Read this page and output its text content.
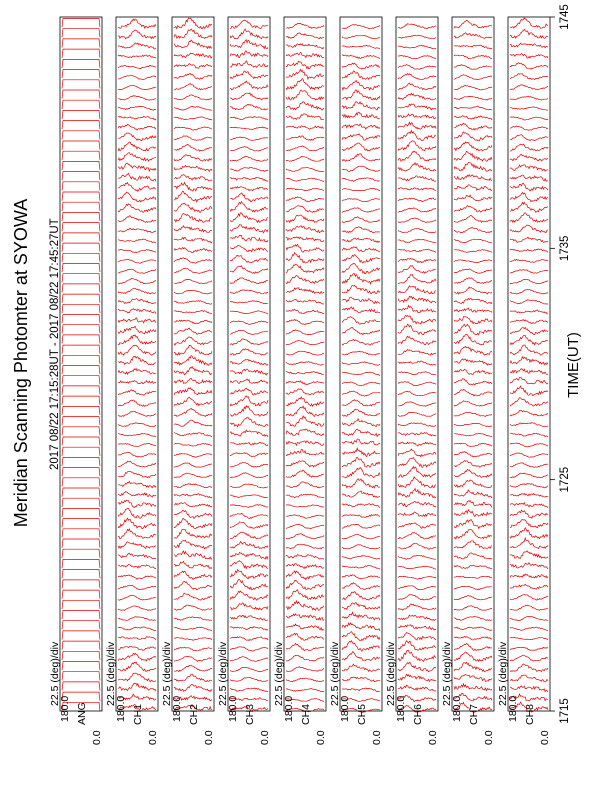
Meridian Scanning Photomter at SYOWA 2017 08/22 17:15:28UT - 2017 08/22 17:45:27UT	TIME(UT)
22.5 (deg)/div
180.0
0.0
ANG
22.5 (deg)/div
180.0
0.0
CH1
22.5 (deg)/div
180.0
0.0
CH2
22.5 (deg)/div
180.0
0.0
CH3
22.5 (deg)/div
180.0
0.0
CH4
22.5 (deg)/div
180.0
0.0
CH5
22.5 (deg)/div
180.0
0.0
CH6
22.5 (deg)/div
180.0
0.0
CH7
22.5 (deg)/div
180.0
0.0
CH8 1715
1725
1735
1745
